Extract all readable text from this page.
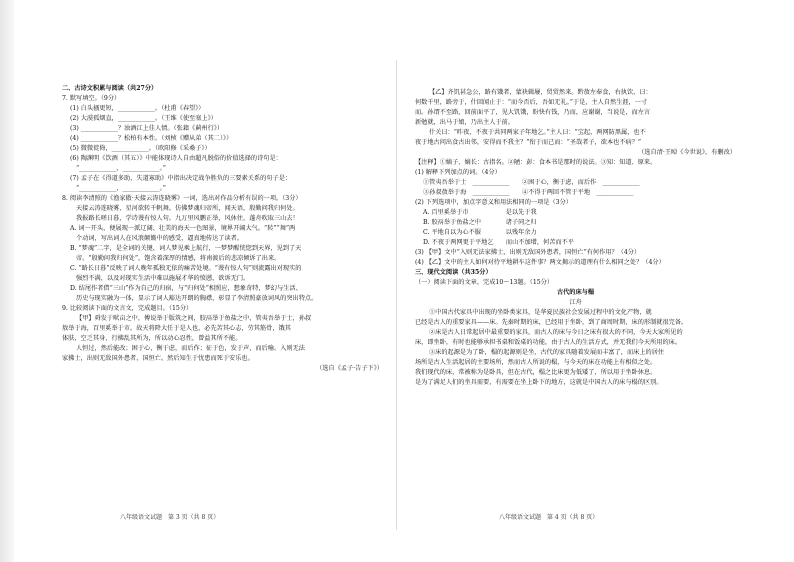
二、古诗文积累与阅读（共27分）
7. 默写填空。（9分）
(1) 白头搔更短，____________。（杜甫《春望》）
(2) 大漠孤烟直，____________。（王维《使至塞上》）
(3) ____________？浊酒江上佳人情。（张籍《蓟州行》）
(4) ____________？松柏有本性。（刘桢《赠从弟（其二）》）
(5) 微微徙倚，____________。（欧阳修《采桑子》）
(6) 陶渊明《饮酒（其五）》中能体现诗人自由超凡脱俗的价值选择的诗句是：
“____________，____________。”
(7) 孟子在《得道多助，失道寡助》中指出决定战争胜负的三要素关系的句子是：
“____________，____________。”
8. 阅读李清照的《渔家傲·天接云涛连晓雾》一词，选出对作品分析有误的一项。（3分）
天接云涛连晓雾，星河欲转千帆舞。仿佛梦魂归帝所，闻天语，殷勤问我归何处。
我报路长嗟日暮，学诗谩有惊人句。九万里风鹏正举，风休住，蓬舟吹取三山去！
A. 词一开头，便展现一派辽阔、壮美的海天一色图景，境界开阔大气。“转”“舞”两
个动词，写出词人在风浪颠簸中的感受，逼真地传达了读者。
B. “梦魂”二字，是全词的关键，词人梦见乘上航行，一梦梦醒恍惚到天界，见到了天
帝。“殷勤问我归何处”，饱含着深厚的情感，将南渡后的悲凉倾诉了出来。
C. “路长日暮”反映了词人晚年孤独无依的痛苦处境。“谩有惊人句”则流露出对现实的
强烈不满，以及对现实生活中难以施展才华的愤懑，欲诉无门。
D. 结尾作者借“三山”作为自己的归宿，与“归何处”相照应，想象奇特，梦幻与生活、
历史与现实融为一体，显示了词人豁达开朗的胸襟，彰显了李清照豪放词风的突出特点。
9. 比较阅读下面的文言文，完成题目。（15分）
【甲】舜发于畎亩之中，傅说举于版筑之间，胶鬲举于鱼盐之中，管夷吾举于士，孙叔
敖举于海，百里奚举于市。故天将降大任于是人也，必先苦其心志，劳其筋骨，饿其
体肤，空乏其身，行拂乱其所为，所以动心忍性，曾益其所不能。
人恒过，然后能改；困于心，衡于虑，而后作；征于色，发于声，而后喻。入则无法
家拂士，出则无敌国外患者，国恒亡。然后知生于忧患而死于安乐也。
（选自《孟子·告子下》）
八年级语文试题　第 3 页（共 8 页）
【乙】齐饥甚急公，路有饿者，蒙袂辑屦，贸贸然来。黔敖左奉食，右执饮，曰：
何数千里，路旁于，什回闻止于：“而今否后，吾如无礼。”于是，主人自然生涯，一寸
而。孙谓不至路，回前面平了，见大饥饿，盼快有钱，乃而，应谢谢，当说是，而左言
新勉就，出马于娘，乃出主人于前。
什关曰：“昨夜，不夜于共同两家子年地乞。”主人曰：“宝起，两网防黑属，也不
夜于地古问出食古出邻，安得而不我主？”衔于而己而：“圣哉者子，欲本也不病？”
（选自清·王晫《今世说》，有删改）
【注释】①嫡子、嫡长：古指名。②陋：彭：食本书是那时的说法。③知：知道、原来。
(1) 解释下列加点的词。（4分）
①管夷吾举于士　____________　　②困于心，衡于虑，而后作　____________
③孙叔敖举于海　____________　　④不得于两回不管于平地　____________
(2) 下列选项中，加点字意义和用法相同的一项是（3分）
A. 百里奚举于市　　　　　　是以先于我
B. 胶鬲举于鱼盐之中　　　　诸子同之归
C. 平地自以为心不服　　　　以残年余力
D. 不夜于两网更于平地乞　　而山不加增，何苦而不平
(3) 【甲】文中“入则无法家拂士，出则无敌国外患者，国恒亡”有何作用？（4分）
(4) 【乙】文中的主人如何对待平地耕车这件事？两文揭示的道理有什么相同之处？（4分）
三、现代文阅读（共35分）
（一）阅读下面的文章，完成10～13题。（15分）
古代的床与榻
江舟
①中国古代家具中出现的坐卧类家具，是华夏民族社会发展过程中的文化产物，就
已经是古人的重要家具——床。先秦时期的床，已经用于坐卧，到了商周时期，床的形制就很完备。
②床是古人日常起居中最重要的家具，而古人的床与今日之床有很大的不同，今天大家所见的
床，即坐卧，有时也能够承担书桌和饭桌的功能，由于古人的生活方式，并无我们今天所用的床。
③床的起源是为了卧，榻的起源则是坐，古代的家具随着发展而丰富了，而床上的居住
场所是古人生活起居的主要场所，然而古人所说的榻，与今天的床在功能上有相似之处。
我们现代的床，常被称为是卧具，但在古代，榻之比床更为低矮了，所以用于坐卧休息。
是为了满足人们的坐具需要，有需要在坐上卧下的地方，这就是中国古人的床与榻的区别。
八年级语文试题　第 4 页（共 8 页）
